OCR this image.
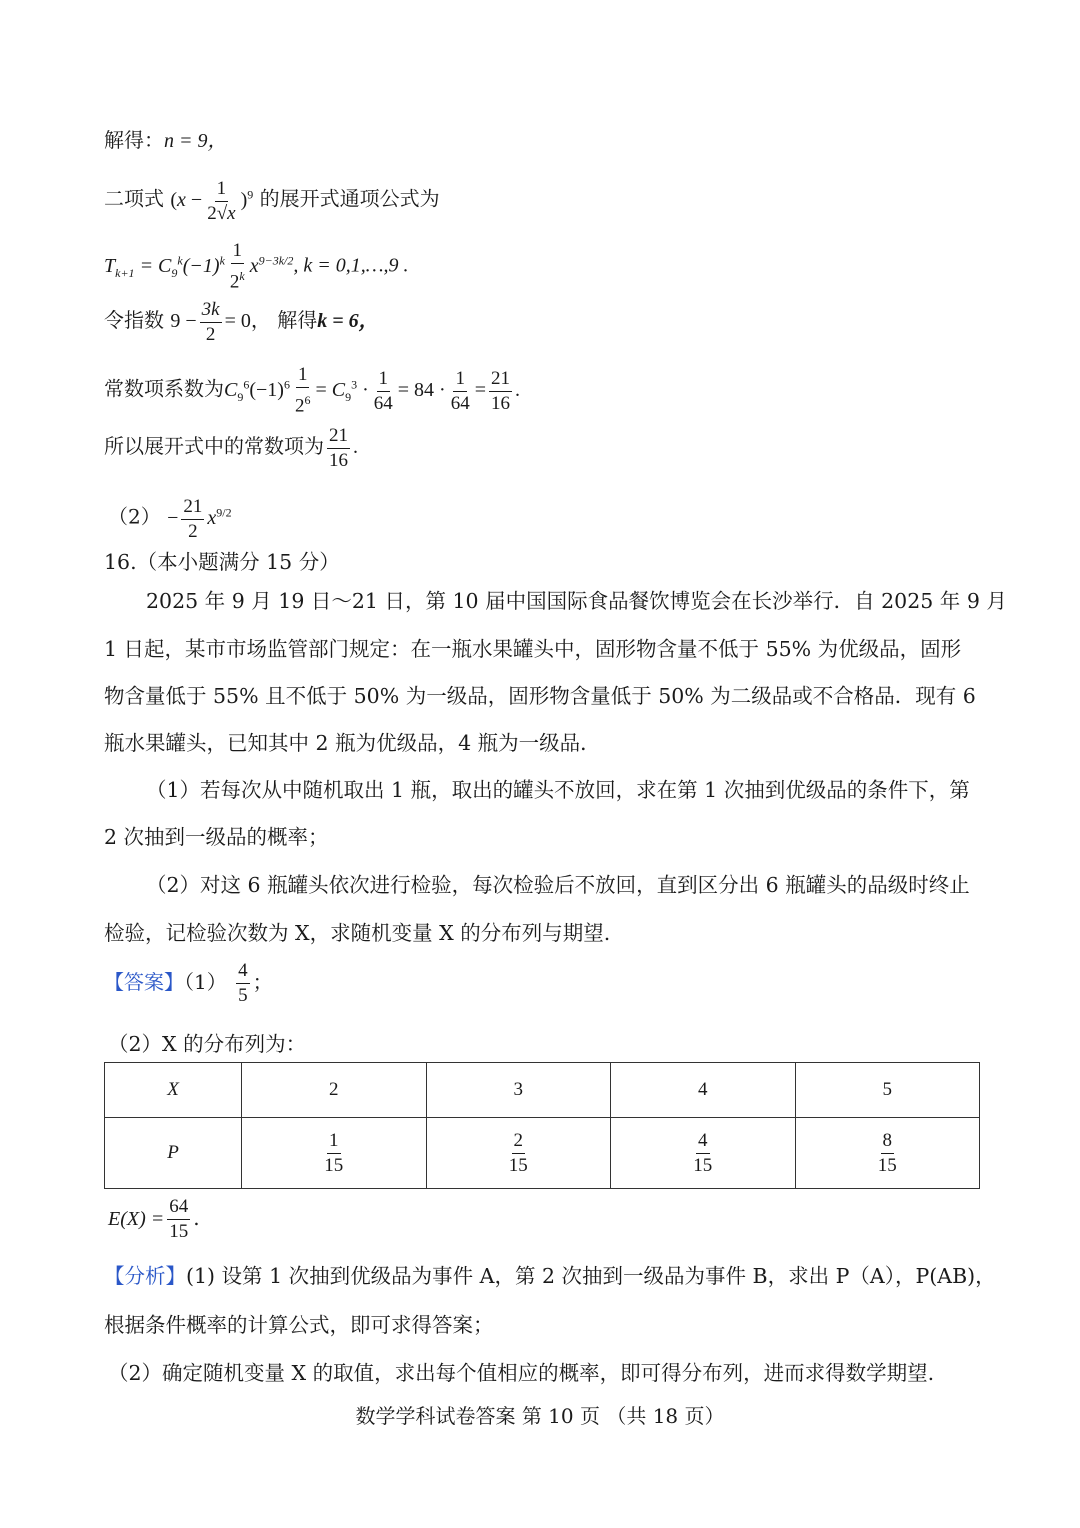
解得：n = 9，
二项式 $(x - \frac{1}{2√x} )^9$ 的展开式通项公式为
$T_{k+1} = C_9^k(-1)^k \frac{1}{2^k} x^{9-3k/2}$, k = 0,1,…,9 .
令指数 $9 - \frac{3k}{2} = 0$， 解得k = 6，
常数项系数为$C_9^6(-1)^6 \frac{1}{2^6} = C_9^3 \cdot \frac{1}{64} = 84 \cdot \frac{1}{64} = \frac{21}{16}$ .
所以展开式中的常数项为 $\frac{21}{16}$ .
$(2) - \frac{21}{2} x^{9/2}$
16.（本小题满分 15 分）
2025 年 9 月 19 日～21 日，第 10 届中国国际食品餐饮博览会在长沙举行．自 2025 年 9 月
1 日起，某市市场监管部门规定：在一瓶水果罐头中，固形物含量不低于 55% 为优级品，固形
物含量低于 55% 且不低于 50% 为一级品，固形物含量低于 50% 为二级品或不合格品．现有 6
瓶水果罐头，已知其中 2 瓶为优级品，4 瓶为一级品．
（1）若每次从中随机取出 1 瓶，取出的罐头不放回，求在第 1 次抽到优级品的条件下，第
2 次抽到一级品的概率；
（2）对这 6 瓶罐头依次进行检验，每次检验后不放回，直到区分出 6 瓶罐头的品级时终止
检验，记检验次数为 X，求随机变量 X 的分布列与期望.
【答案】$(1) \frac{4}{5}$ ；
（2）X 的分布列为：
X	2	3	4	5
P	$\frac{1}{15}$	$\frac{2}{15}$	$\frac{4}{15}$	$\frac{8}{15}$
$E(X) = \frac{64}{15}$ .
【分析】(1) 设第 1 次抽到优级品为事件 A，第 2 次抽到一级品为事件 B，求出 P（A），P(AB)，
根据条件概率的计算公式，即可求得答案；
（2）确定随机变量 X 的取值，求出每个值相应的概率，即可得分布列，进而求得数学期望.
数学学科试卷答案 第 10 页 （共 18 页）
